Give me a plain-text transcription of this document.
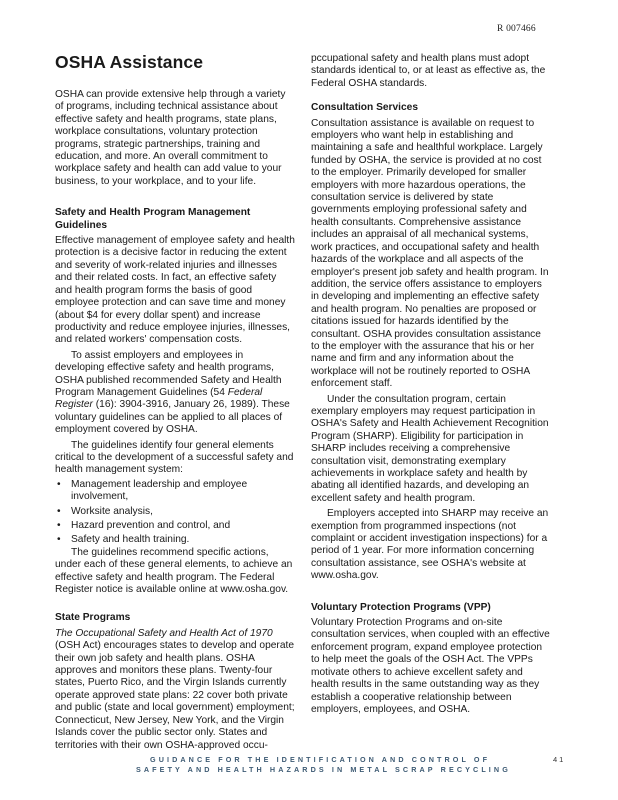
R 007466
OSHA Assistance

OSHA can provide extensive help through a variety of programs, including technical assistance about effective safety and health programs, state plans, workplace consultations, voluntary protection programs, strategic partnerships, training and education, and more. An overall commitment to workplace safety and health can add value to your business, to your workplace, and to your life.

Safety and Health Program Management Guidelines

Effective management of employee safety and health protection is a decisive factor in reducing the extent and severity of work-related injuries and illnesses and their related costs. In fact, an effective safety and health program forms the basis of good employee protection and can save time and money (about $4 for every dollar spent) and increase productivity and reduce employee injuries, illnesses, and related workers' compensation costs.

To assist employers and employees in developing effective safety and health programs, OSHA published recommended Safety and Health Program Management Guidelines (54 Federal Register (16): 3904-3916, January 26, 1989). These voluntary guidelines can be applied to all places of employment covered by OSHA.

The guidelines identify four general elements critical to the development of a successful safety and health management system:

• Management leadership and employee involvement,
• Worksite analysis,
• Hazard prevention and control, and
• Safety and health training.

The guidelines recommend specific actions, under each of these general elements, to achieve an effective safety and health program. The Federal Register notice is available online at www.osha.gov.

State Programs

The Occupational Safety and Health Act of 1970 (OSH Act) encourages states to develop and operate their own job safety and health plans. OSHA approves and monitors these plans. Twenty-four states, Puerto Rico, and the Virgin Islands currently operate approved state plans: 22 cover both private and public (state and local government) employment; Connecticut, New Jersey, New York, and the Virgin Islands cover the public sector only. States and territories with their own OSHA-approved occu-

GUIDANCE FOR THE IDENTIFICATION AND CONTROL OF
SAFETY AND HEALTH HAZARDS IN METAL SCRAP RECYCLING
41

pccupational safety and health plans must adopt standards identical to, or at least as effective as, the Federal OSHA standards.

Consultation Services

Consultation assistance is available on request to employers who want help in establishing and maintaining a safe and healthful workplace. Largely funded by OSHA, the service is provided at no cost to the employer. Primarily developed for smaller employers with more hazardous operations, the consultation service is delivered by state governments employing professional safety and health consultants. Comprehensive assistance includes an appraisal of all mechanical systems, work practices, and occupational safety and health hazards of the workplace and all aspects of the employer's present job safety and health program. In addition, the service offers assistance to employers in developing and implementing an effective safety and health program. No penalties are proposed or citations issued for hazards identified by the consultant. OSHA provides consultation assistance to the employer with the assurance that his or her name and firm and any information about the workplace will not be routinely reported to OSHA enforcement staff.

Under the consultation program, certain exemplary employers may request participation in OSHA's Safety and Health Achievement Recognition Program (SHARP). Eligibility for participation in SHARP includes receiving a comprehensive consultation visit, demonstrating exemplary achievements in workplace safety and health by abating all identified hazards, and developing an excellent safety and health program.

Employers accepted into SHARP may receive an exemption from programmed inspections (not complaint or accident investigation inspections) for a period of 1 year. For more information concerning consultation assistance, see OSHA's website at www.osha.gov.

Voluntary Protection Programs (VPP)

Voluntary Protection Programs and on-site consultation services, when coupled with an effective enforcement program, expand employee protection to help meet the goals of the OSH Act. The VPPs motivate others to achieve excellent safety and health results in the same outstanding way as they establish a cooperative relationship between employers, employees, and OSHA.
